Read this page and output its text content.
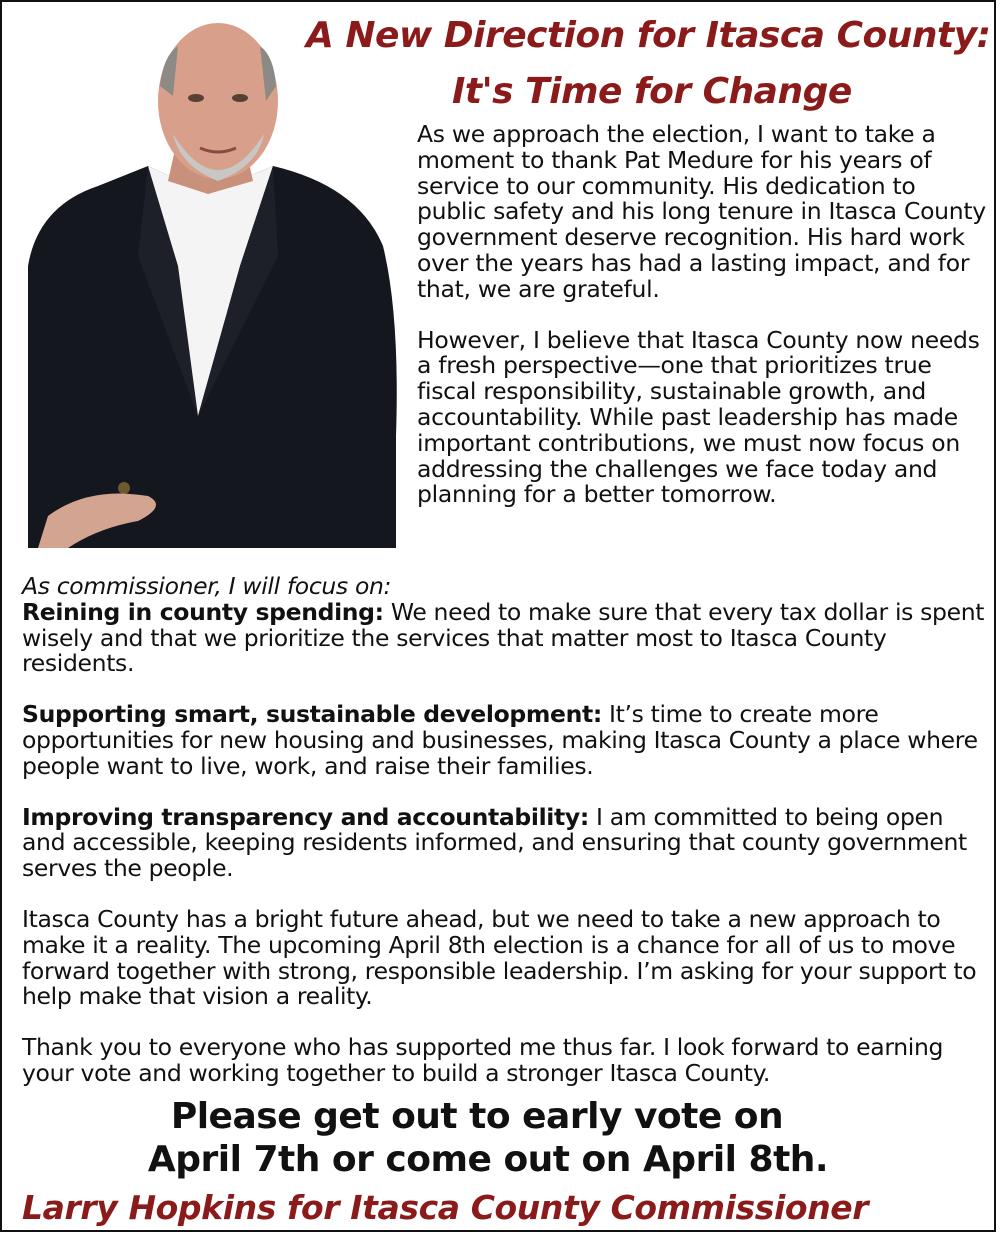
A New Direction for Itasca County:
It's Time for Change

As we approach the election, I want to take a moment to thank Pat Medure for his years of service to our community. His dedication to public safety and his long tenure in Itasca County government deserve recognition. His hard work over the years has had a lasting impact, and for that, we are grateful.

However, I believe that Itasca County now needs a fresh perspective—one that prioritizes true fiscal responsibility, sustainable growth, and accountability. While past leadership has made important contributions, we must now focus on addressing the challenges we face today and planning for a better tomorrow.

As commissioner, I will focus on:

Reining in county spending: We need to make sure that every tax dollar is spent wisely and that we prioritize the services that matter most to Itasca County residents.

Supporting smart, sustainable development: It’s time to create more opportunities for new housing and businesses, making Itasca County a place where people want to live, work, and raise their families.

Improving transparency and accountability: I am committed to being open and accessible, keeping residents informed, and ensuring that county government serves the people.

Itasca County has a bright future ahead, but we need to take a new approach to make it a reality. The upcoming April 8th election is a chance for all of us to move forward together with strong, responsible leadership. I’m asking for your support to help make that vision a reality.

Thank you to everyone who has supported me thus far. I look forward to earning your vote and working together to build a stronger Itasca County.

Please get out to early vote on

April 7th or come out on April 8th.

Larry Hopkins for Itasca County Commissioner
